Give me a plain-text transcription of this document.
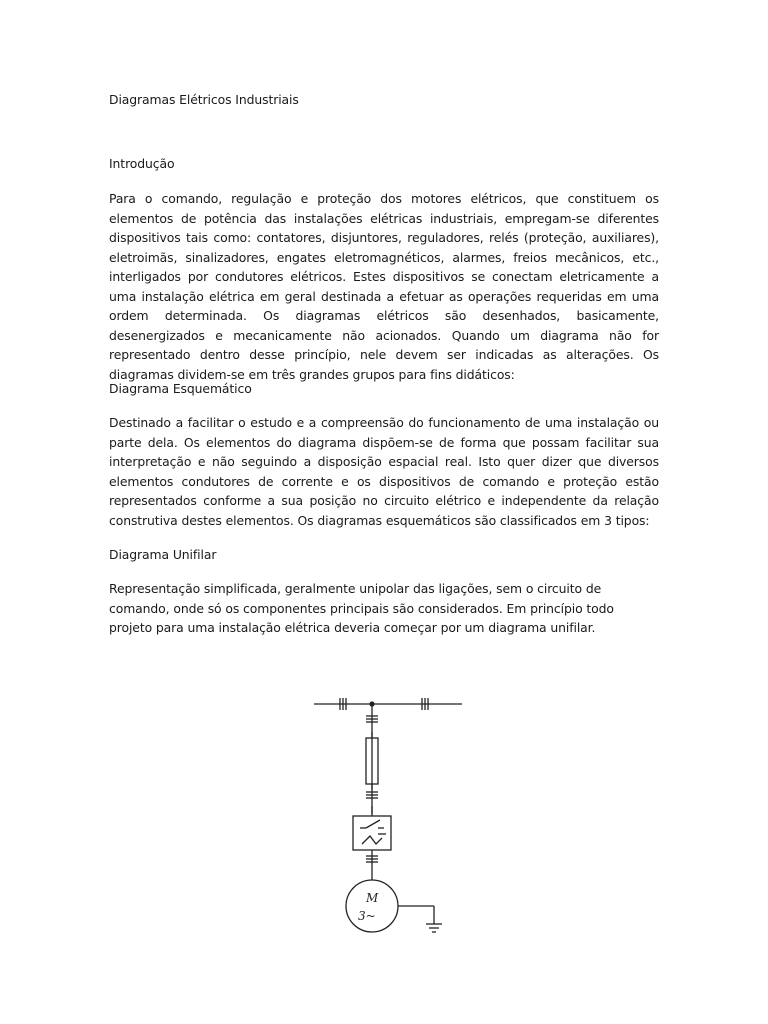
Diagramas Elétricos Industriais
Introdução
Para o comando, regulação e proteção dos motores elétricos, que constituem os elementos de potência das instalações elétricas industriais, empregam-se diferentes dispositivos tais como: contatores, disjuntores, reguladores, relés (proteção, auxiliares), eletroimãs, sinalizadores, engates eletromagnéticos, alarmes, freios mecânicos, etc., interligados por condutores elétricos. Estes dispositivos se conectam eletricamente a uma instalação elétrica em geral destinada a efetuar as operações requeridas em uma ordem determinada. Os diagramas elétricos são desenhados, basicamente, desenergizados e mecanicamente não acionados. Quando um diagrama não for representado dentro desse princípio, nele devem ser indicadas as alterações. Os diagramas dividem-se em três grandes grupos para fins didáticos:
Diagrama Esquemático
Destinado a facilitar o estudo e a compreensão do funcionamento de uma instalação ou parte dela. Os elementos do diagrama dispõem-se de forma que possam facilitar sua interpretação e não seguindo a disposição espacial real. Isto quer dizer que diversos elementos condutores de corrente e os dispositivos de comando e proteção estão representados conforme a sua posição no circuito elétrico e independente da relação construtiva destes elementos. Os diagramas esquemáticos são classificados em 3 tipos:
Diagrama Unifilar
Representação simplificada, geralmente unipolar das ligações, sem o circuito de comando, onde só os componentes principais são considerados. Em princípio todo projeto para uma instalação elétrica deveria começar por um diagrama unifilar.
M
3~
